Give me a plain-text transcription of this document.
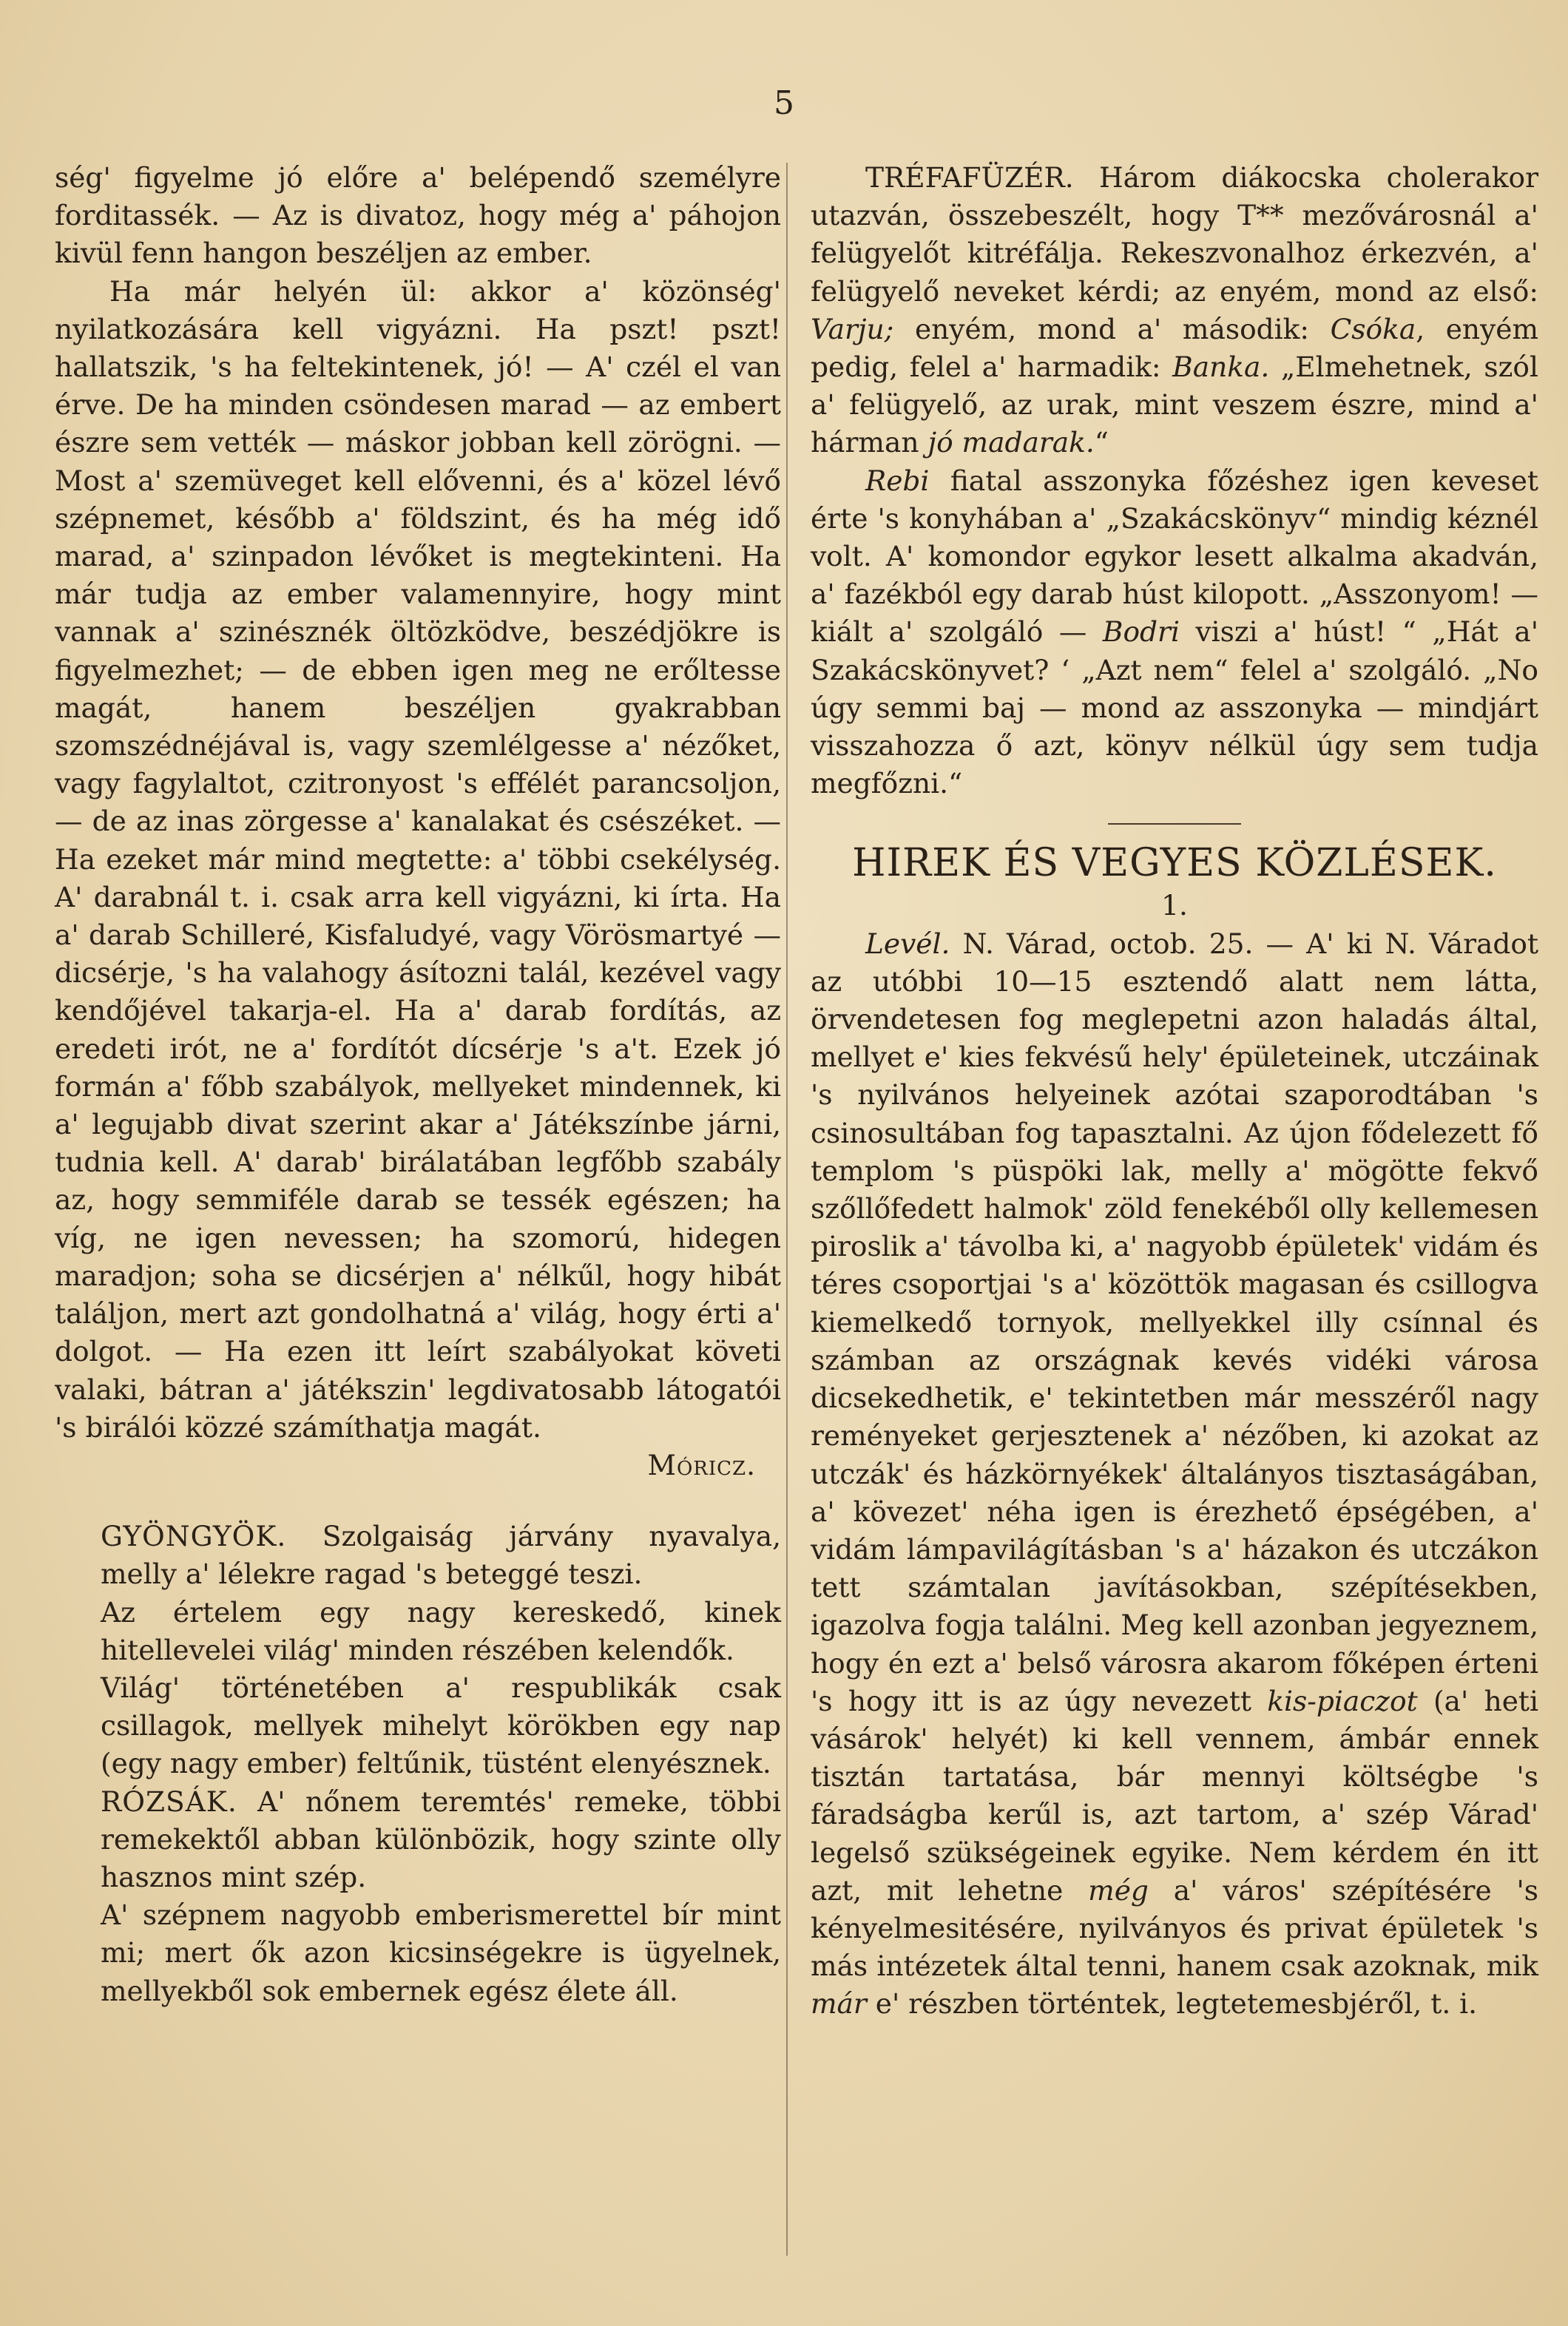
5

ség' figyelme jó előre a' belépendő személyre forditassék. — Az is divatoz, hogy még a' páhojon kivül fenn hangon beszéljen az ember.

Ha már helyén ül: akkor a' közönség' nyilatkozására kell vigyázni. Ha pszt! pszt! hallatszik, 's ha feltekintenek, jó! — A' czél el van érve. De ha minden csöndesen marad — az embert észre sem vették — máskor jobban kell zörögni. — Most a' szemüveget kell elővenni, és a' közel lévő szépnemet, később a' földszint, és ha még idő marad, a' szinpadon lévőket is megtekinteni. Ha már tudja az ember valamennyire, hogy mint vannak a' szinésznék öltözködve, beszédjökre is figyelmezhet; — de ebben igen meg ne erőltesse magát, hanem beszéljen gyakrabban szomszédnéjával is, vagy szemlélgesse a' nézőket, vagy fagylaltot, czitronyost 's effélét parancsoljon, — de az inas zörgesse a' kanalakat és csészéket. — Ha ezeket már mind megtette: a' többi csekélység. A' darabnál t. i. csak arra kell vigyázni, ki írta. Ha a' darab Schilleré, Kisfaludyé, vagy Vörösmartyé — dicsérje, 's ha valahogy ásítozni talál, kezével vagy kendőjével takarja-el. Ha a' darab fordítás, az eredeti irót, ne a' fordítót dícsérje 's a't. Ezek jó formán a' főbb szabályok, mellyeket mindennek, ki a' legujabb divat szerint akar a' Játékszínbe járni, tudnia kell. A' darab' birálatában legfőbb szabály az, hogy semmiféle darab se tessék egészen; ha víg, ne igen nevessen; ha szomorú, hidegen maradjon; soha se dicsérjen a' nélkűl, hogy hibát találjon, mert azt gondolhatná a' világ, hogy érti a' dolgot. — Ha ezen itt leírt szabályokat követi valaki, bátran a' játékszin' legdivatosabb látogatói 's birálói közzé számíthatja magát.

Móricz.

GYÖNGYÖK. Szolgaiság járvány nyavalya, melly a' lélekre ragad 's beteggé teszi.

Az értelem egy nagy kereskedő, kinek hitellevelei világ' minden részében kelendők.

Világ' történetében a' respublikák csak csillagok, mellyek mihelyt körökben egy nap (egy nagy ember) feltűnik, tüstént elenyésznek.

RÓZSÁK. A' nőnem teremtés' remeke, többi remekektől abban különbözik, hogy szinte olly hasznos mint szép.

A' szépnem nagyobb emberismerettel bír mint mi; mert ők azon kicsinségekre is ügyelnek, mellyekből sok embernek egész élete áll.

TRÉFAFÜZÉR. Három diákocska cholerakor utazván, összebeszélt, hogy T** mezővárosnál a' felügyelőt kitréfálja. Rekeszvonalhoz érkezvén, a' felügyelő neveket kérdi; az enyém, mond az első: Varju; enyém, mond a' második: Csóka, enyém pedig, felel a' harmadik: Banka. „Elmehetnek, szól a' felügyelő, az urak, mint veszem észre, mind a' hárman jó madarak.“

Rebi fiatal asszonyka főzéshez igen keveset érte 's konyhában a' „Szakácskönyv“ mindig kéznél volt. A' komondor egykor lesett alkalma akadván, a' fazékból egy darab húst kilopott. „Asszonyom! — kiált a' szolgáló — Bodri viszi a' húst! “ „Hát a' Szakácskönyvet? ‘ „Azt nem“ felel a' szolgáló. „No úgy semmi baj — mond az asszonyka — mindjárt visszahozza ő azt, könyv nélkül úgy sem tudja megfőzni.“

HIREK ÉS VEGYES KÖZLÉSEK.

1.

Levél. N. Várad, octob. 25. — A' ki N. Váradot az utóbbi 10—15 esztendő alatt nem látta, örvendetesen fog meglepetni azon haladás által, mellyet e' kies fekvésű hely' épületeinek, utczáinak 's nyilvános helyeinek azótai szaporodtában 's csinosultában fog tapasztalni. Az újon fődelezett fő templom 's püspöki lak, melly a' mögötte fekvő szőllőfedett halmok' zöld fenekéből olly kellemesen piroslik a' távolba ki, a' nagyobb épületek' vidám és téres csoportjai 's a' közöttök magasan és csillogva kiemelkedő tornyok, mellyekkel illy csínnal és számban az országnak kevés vidéki városa dicsekedhetik, e' tekintetben már messzéről nagy reményeket gerjesztenek a' nézőben, ki azokat az utczák' és házkörnyékek' általányos tisztaságában, a' kövezet' néha igen is érezhető épségében, a' vidám lámpavilágításban 's a' házakon és utczákon tett számtalan javításokban, szépítésekben, igazolva fogja találni. Meg kell azonban jegyeznem, hogy én ezt a' belső városra akarom főképen érteni 's hogy itt is az úgy nevezett kis-piaczot (a' heti vásárok' helyét) ki kell vennem, ámbár ennek tisztán tartatása, bár mennyi költségbe 's fáradságba kerűl is, azt tartom, a' szép Várad' legelső szükségeinek egyike. Nem kérdem én itt azt, mit lehetne még a' város' szépítésére 's kényelmesitésére, nyilványos és privat épületek 's más intézetek által tenni, hanem csak azoknak, mik már e' részben történtek, legtetemesbjéről, t. i.
